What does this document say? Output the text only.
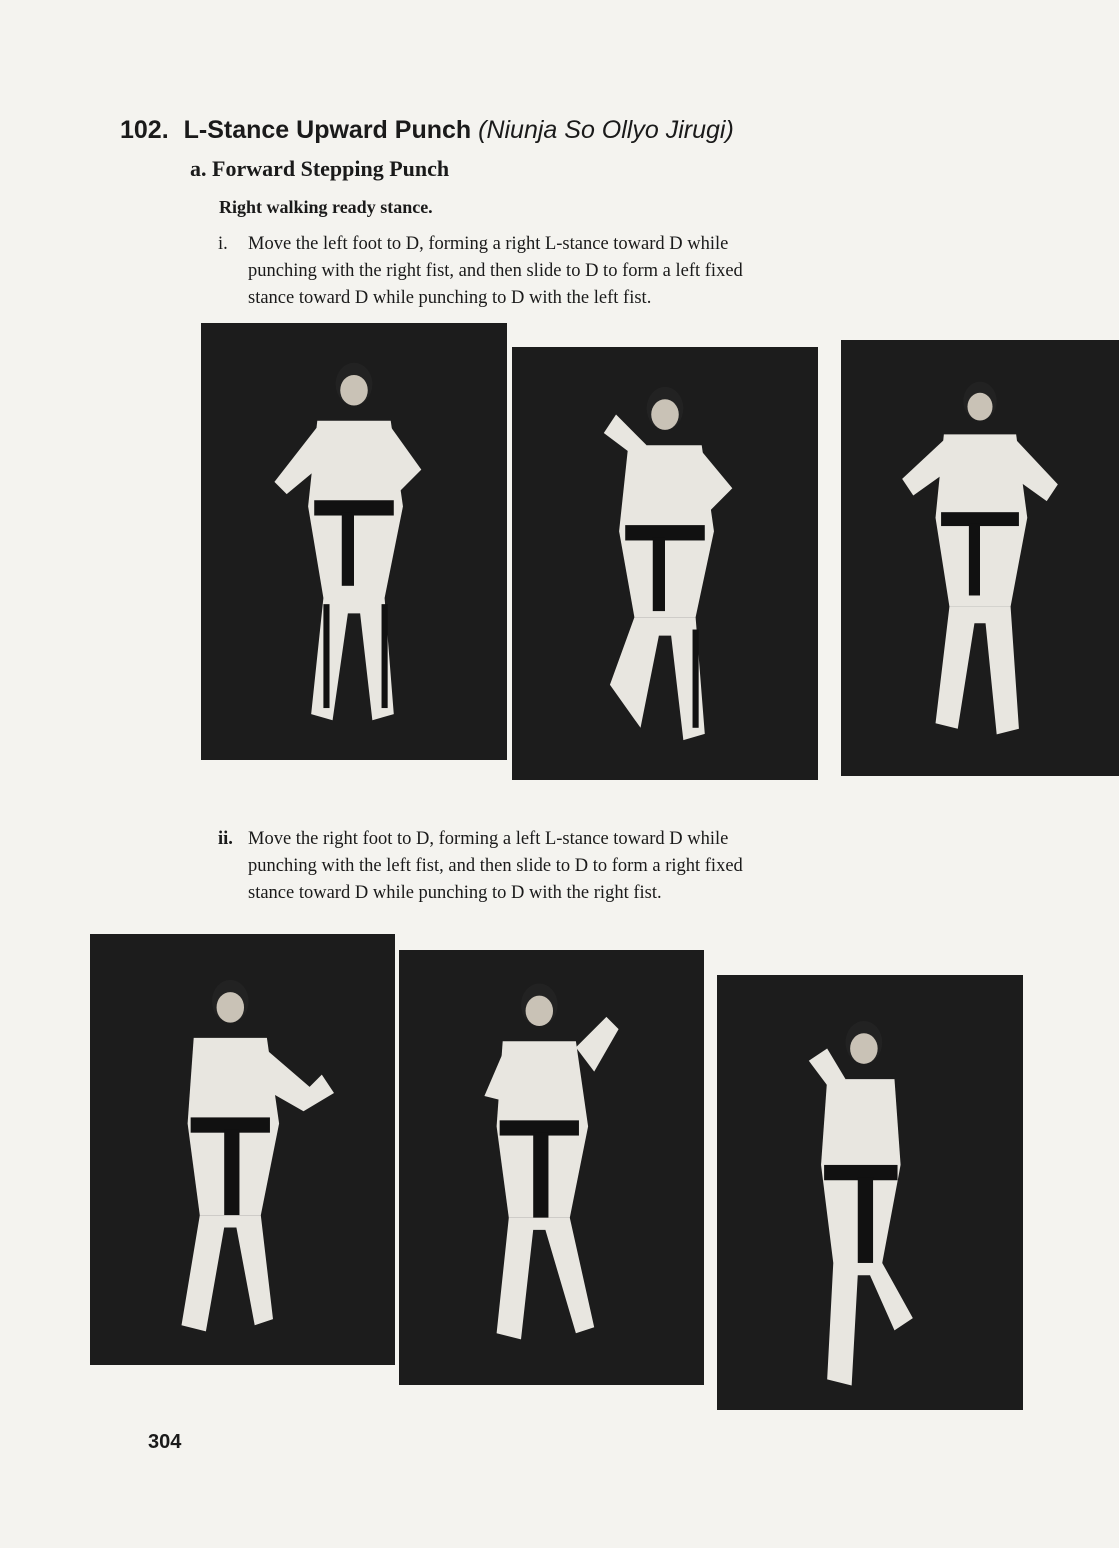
102. L-Stance Upward Punch (Niunja So Ollyo Jirugi)
a. Forward Stepping Punch
Right walking ready stance.
i.	Move the left foot to D, forming a right L-stance toward D while
punching with the right fist, and then slide to D to form a left fixed
stance toward D while punching to D with the left fist.
ii. Move the right foot to D, forming a left L-stance toward D while
punching with the left fist, and then slide to D to form a right fixed
stance toward D while punching to D with the right fist.
304
